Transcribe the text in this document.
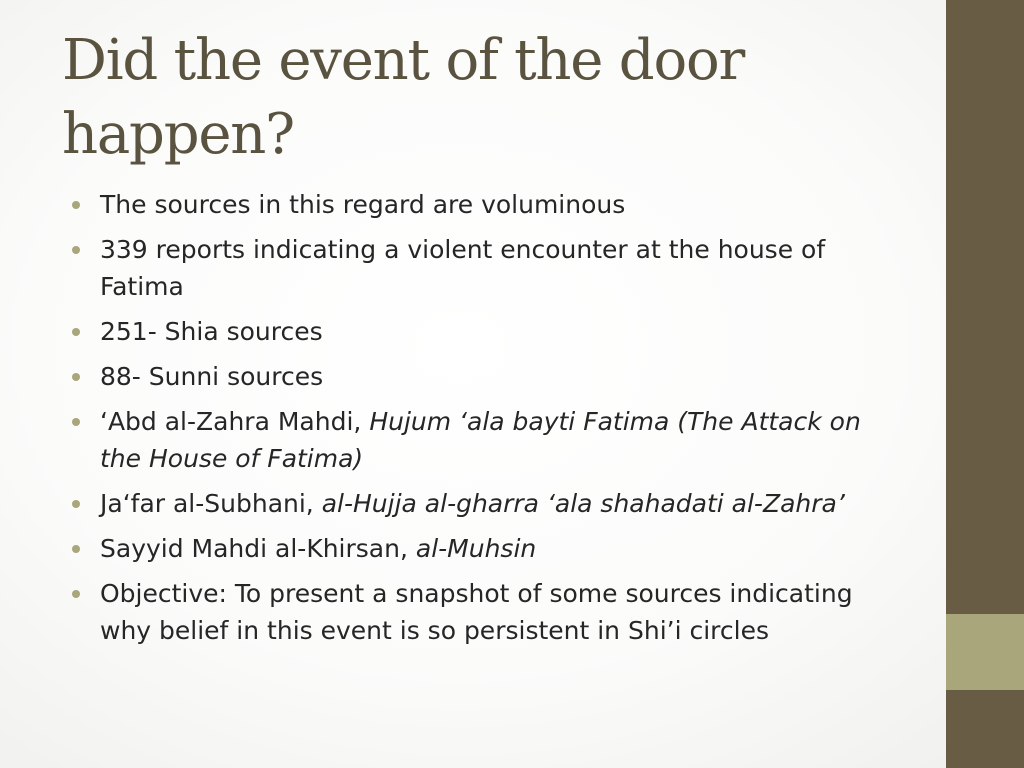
Did the event of the door happen?
The sources in this regard are voluminous
339 reports indicating a violent encounter at the house of Fatima
251- Shia sources
88- Sunni sources
‘Abd al-Zahra Mahdi, Hujum ‘ala bayti Fatima (The Attack on the House of Fatima)
Ja‘far al-Subhani, al-Hujja al-gharra ‘ala shahadati al-Zahra’
Sayyid Mahdi al-Khirsan, al-Muhsin
Objective: To present a snapshot of some sources indicating why belief in this event is so persistent in Shi’i circles
